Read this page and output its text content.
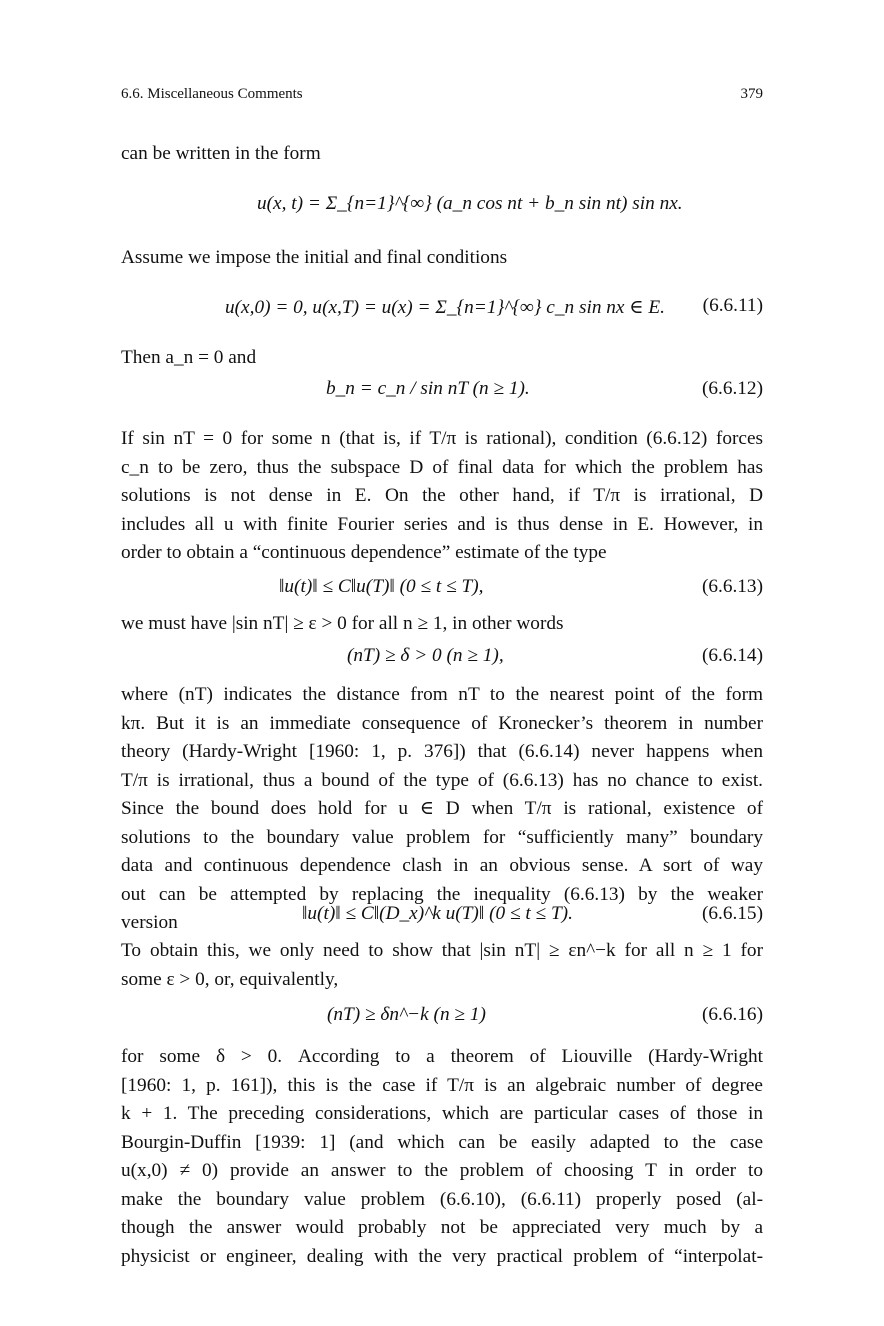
6.6. Miscellaneous Comments	379

can be written in the form

u(x, t) = Σ_{n=1}^{∞} (a_n cos nt + b_n sin nt) sin nx.

Assume we impose the initial and final conditions

u(x,0) = 0, u(x,T) = u(x) = Σ_{n=1}^{∞} c_n sin nx ∈ E. (6.6.11)

Then a_n = 0 and

b_n = c_n / sin nT (n ≥ 1).	(6.6.12)

If sin nT = 0 for some n (that is, if T/π is rational), condition (6.6.12) forces

c_n to be zero, thus the subspace D of final data for which the problem has

solutions is not dense in E. On the other hand, if T/π is irrational, D

includes all u with finite Fourier series and is thus dense in E. However, in

order to obtain a “continuous dependence” estimate of the type

‖u(t)‖ ≤ C‖u(T)‖ (0 ≤ t ≤ T),	(6.6.13)

we must have |sin nT| ≥ ε > 0 for all n ≥ 1, in other words

(nT) ≥ δ > 0 (n ≥ 1),	(6.6.14)

where (nT) indicates the distance from nT to the nearest point of the form

kπ. But it is an immediate consequence of Kronecker’s theorem in number

theory (Hardy-Wright [1960: 1, p. 376]) that (6.6.14) never happens when

T/π is irrational, thus a bound of the type of (6.6.13) has no chance to exist.

Since the bound does hold for u ∈ D when T/π is rational, existence of

solutions to the boundary value problem for “sufficiently many” boundary

data and continuous dependence clash in an obvious sense. A sort of way

out can be attempted by replacing the inequality (6.6.13) by the weaker

version	‖u(t)‖ ≤ C‖(D_x)^k u(T)‖ (0 ≤ t ≤ T).	(6.6.15)

To obtain this, we only need to show that |sin nT| ≥ εn^−k for all n ≥ 1 for

some ε > 0, or, equivalently,

(nT) ≥ δn^−k (n ≥ 1)	(6.6.16)

for some δ > 0. According to a theorem of Liouville (Hardy-Wright

[1960: 1, p. 161]), this is the case if T/π is an algebraic number of degree

k + 1. The preceding considerations, which are particular cases of those in

Bourgin-Duffin [1939: 1] (and which can be easily adapted to the case

u(x,0) ≠ 0) provide an answer to the problem of choosing T in order to

make the boundary value problem (6.6.10), (6.6.11) properly posed (al-

though the answer would probably not be appreciated very much by a

physicist or engineer, dealing with the very practical problem of “interpolat-
